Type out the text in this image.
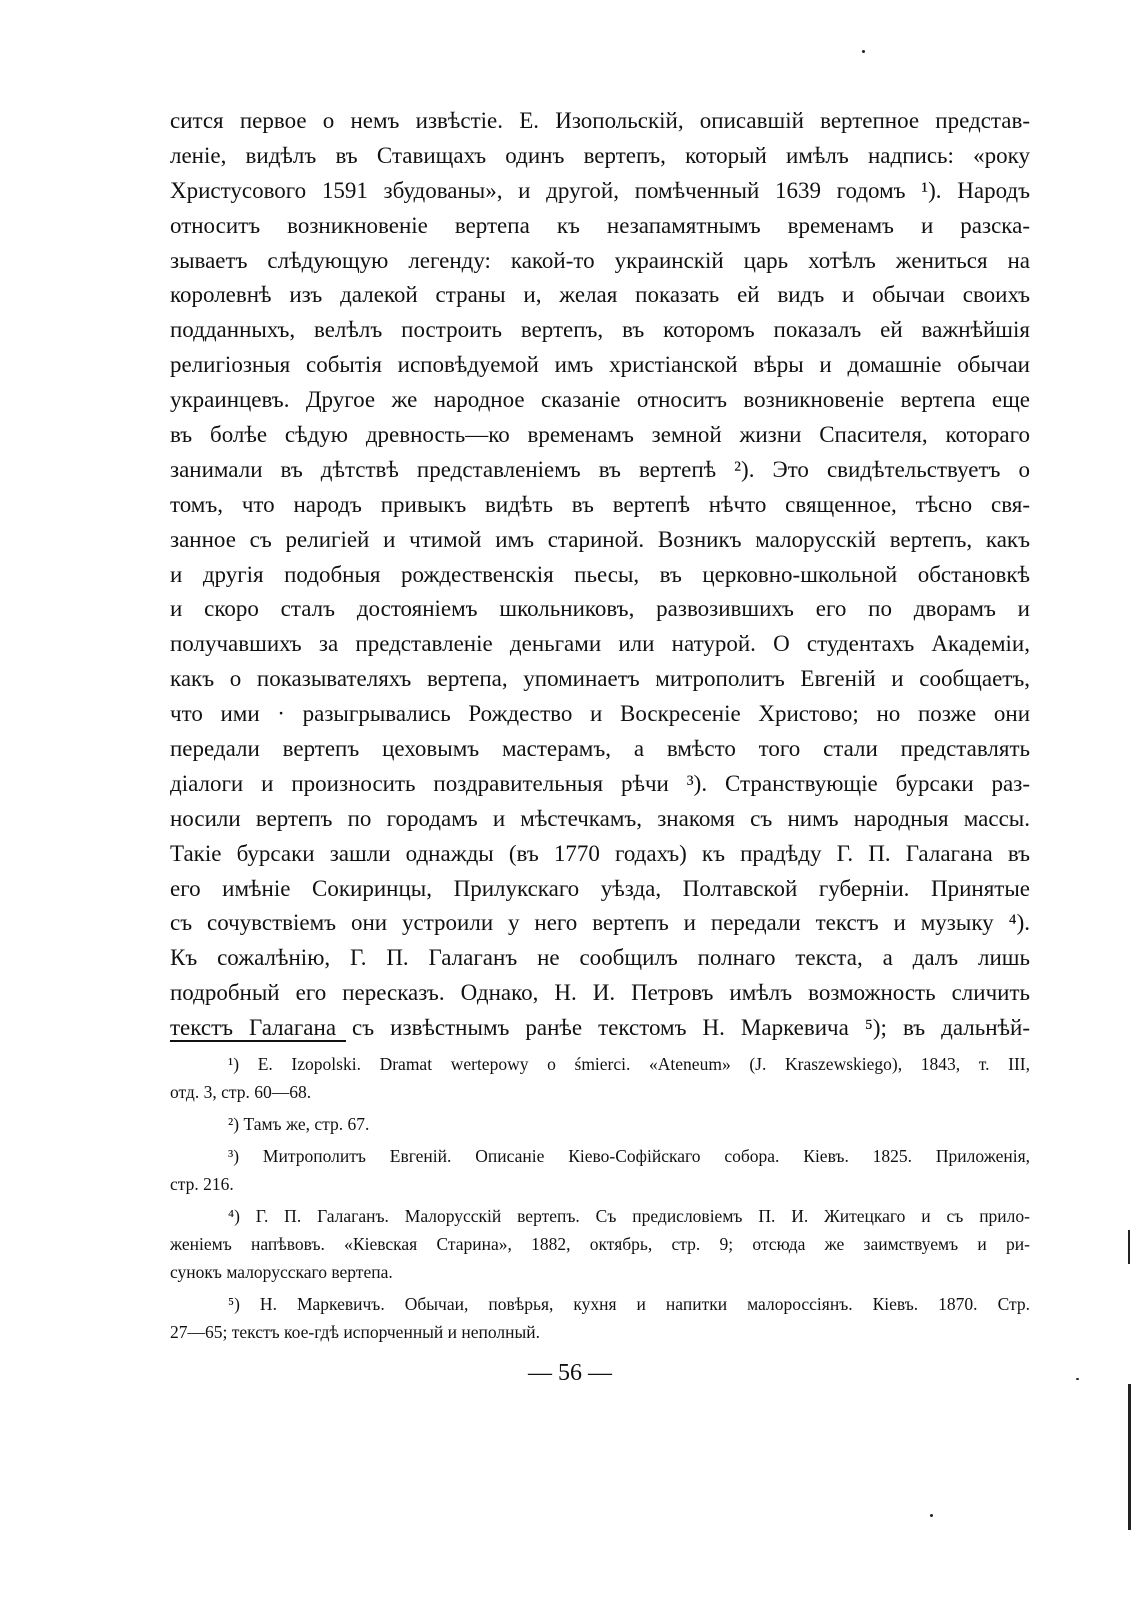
сится первое о немъ извѣстіе. Е. Изопольскій, описавшій вертепное представ-
леніе, видѣлъ въ Ставищахъ одинъ вертепъ, который имѣлъ надпись: «року
Христусового 1591 збудованы», и другой, помѣченный 1639 годомъ ¹). Народъ
относитъ возникновеніе вертепа къ незапамятнымъ временамъ и разска-
зываетъ слѣдующую легенду: какой-то украинскій царь хотѣлъ жениться на
королевнѣ изъ далекой страны и, желая показать ей видъ и обычаи своихъ
подданныхъ, велѣлъ построить вертепъ, въ которомъ показалъ ей важнѣйшія
религіозныя событія исповѣдуемой имъ христіанской вѣры и домашніе обычаи
украинцевъ. Другое же народное сказаніе относитъ возникновеніе вертепа еще
въ болѣе сѣдую древность—ко временамъ земной жизни Спасителя, котораго
занимали въ дѣтствѣ представленіемъ въ вертепѣ ²). Это свидѣтельствуетъ о
томъ, что народъ привыкъ видѣть въ вертепѣ нѣчто священное, тѣсно свя-
занное съ религіей и чтимой имъ стариной. Возникъ малорусскій вертепъ, какъ
и другія подобныя рождественскія пьесы, въ церковно-школьной обстановкѣ
и скоро сталъ достояніемъ школьниковъ, развозившихъ его по дворамъ и
получавшихъ за представленіе деньгами или натурой. О студентахъ Академіи,
какъ о показывателяхъ вертепа, упоминаетъ митрополитъ Евгеній и сообщаетъ,
что ими · разыгрывались Рождество и Воскресеніе Христово; но позже они
передали вертепъ цеховымъ мастерамъ, а вмѣсто того стали представлять
діалоги и произносить поздравительныя рѣчи ³). Странствующіе бурсаки раз-
носили вертепъ по городамъ и мѣстечкамъ, знакомя съ нимъ народныя массы.
Такіе бурсаки зашли однажды (въ 1770 годахъ) къ прадѣду Г. П. Галагана въ
его имѣніе Сокиринцы, Прилукскаго уѣзда, Полтавской губерніи. Принятые
съ сочувствіемъ они устроили у него вертепъ и передали текстъ и музыку ⁴).
Къ сожалѣнію, Г. П. Галаганъ не сообщилъ полнаго текста, а далъ лишь
подробный его пересказъ. Однако, Н. И. Петровъ имѣлъ возможность сличить
текстъ Галагана съ извѣстнымъ ранѣе текстомъ Н. Маркевича ⁵); въ дальнѣй-
¹) E. Izopolski. Dramat wertepowy o śmierci. «Ateneum» (J. Kraszewskiego), 1843, т. III,
отд. 3, стр. 60—68.
²) Тамъ же, стр. 67.
³) Митрополитъ Евгеній. Описаніе Кіево-Софійскаго собора. Кіевъ. 1825. Приложенія,
стр. 216.
⁴) Г. П. Галаганъ. Малорусскій вертепъ. Съ предисловіемъ П. И. Житецкаго и съ прило-
женіемъ напѣвовъ. «Кіевская Старина», 1882, октябрь, стр. 9; отсюда же заимствуемъ и ри-
сунокъ малорусскаго вертепа.
⁵) Н. Маркевичъ. Обычаи, повѣрья, кухня и напитки малороссіянъ. Кіевъ. 1870. Стр.
27—65; текстъ кое-гдѣ испорченный и неполный.
— 56 —
